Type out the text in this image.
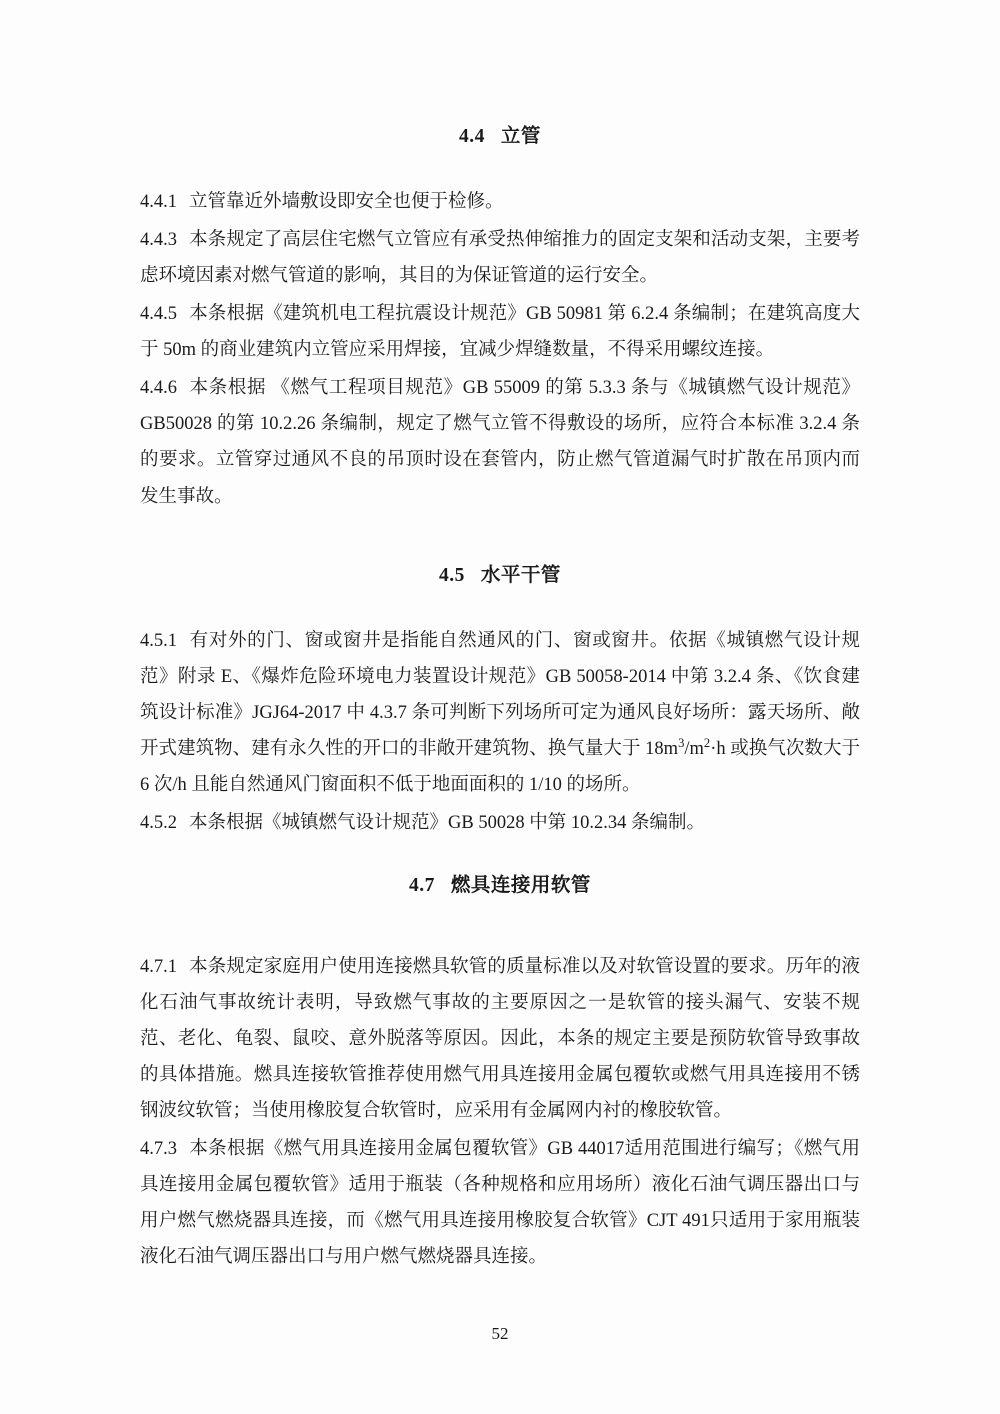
4.4 立管

4.4.1 立管靠近外墙敷设即安全也便于检修。

4.4.3 本条规定了高层住宅燃气立管应有承受热伸缩推力的固定支架和活动支架，主要考虑环境因素对燃气管道的影响，其目的为保证管道的运行安全。

4.4.5 本条根据《建筑机电工程抗震设计规范》GB 50981 第 6.2.4 条编制；在建筑高度大于 50m 的商业建筑内立管应采用焊接，宜减少焊缝数量，不得采用螺纹连接。

4.4.6 本条根据 《燃气工程项目规范》GB 55009 的第 5.3.3 条与《城镇燃气设计规范》GB50028 的第 10.2.26 条编制，规定了燃气立管不得敷设的场所，应符合本标准 3.2.4 条的要求。立管穿过通风不良的吊顶时设在套管内，防止燃气管道漏气时扩散在吊顶内而发生事故。

4.5 水平干管

4.5.1 有对外的门、窗或窗井是指能自然通风的门、窗或窗井。依据《城镇燃气设计规范》附录 E、《爆炸危险环境电力装置设计规范》GB 50058-2014 中第 3.2.4 条、《饮食建筑设计标准》JGJ64-2017 中 4.3.7 条可判断下列场所可定为通风良好场所：露天场所、敞开式建筑物、建有永久性的开口的非敞开建筑物、换气量大于 $18m^3/m^2\cdot h$ 或换气次数大于 6 次/h 且能自然通风门窗面积不低于地面面积的 1/10 的场所。

4.5.2 本条根据《城镇燃气设计规范》GB 50028 中第 10.2.34 条编制。

4.7 燃具连接用软管

4.7.1 本条规定家庭用户使用连接燃具软管的质量标准以及对软管设置的要求。历年的液化石油气事故统计表明，导致燃气事故的主要原因之一是软管的接头漏气、安装不规范、老化、龟裂、鼠咬、意外脱落等原因。因此，本条的规定主要是预防软管导致事故的具体措施。燃具连接软管推荐使用燃气用具连接用金属包覆软或燃气用具连接用不锈钢波纹软管；当使用橡胶复合软管时，应采用有金属网内衬的橡胶软管。

4.7.3 本条根据《燃气用具连接用金属包覆软管》GB 44017适用范围进行编写；《燃气用具连接用金属包覆软管》适用于瓶装（各种规格和应用场所）液化石油气调压器出口与用户燃气燃烧器具连接，而《燃气用具连接用橡胶复合软管》CJT 491只适用于家用瓶装液化石油气调压器出口与用户燃气燃烧器具连接。

52
